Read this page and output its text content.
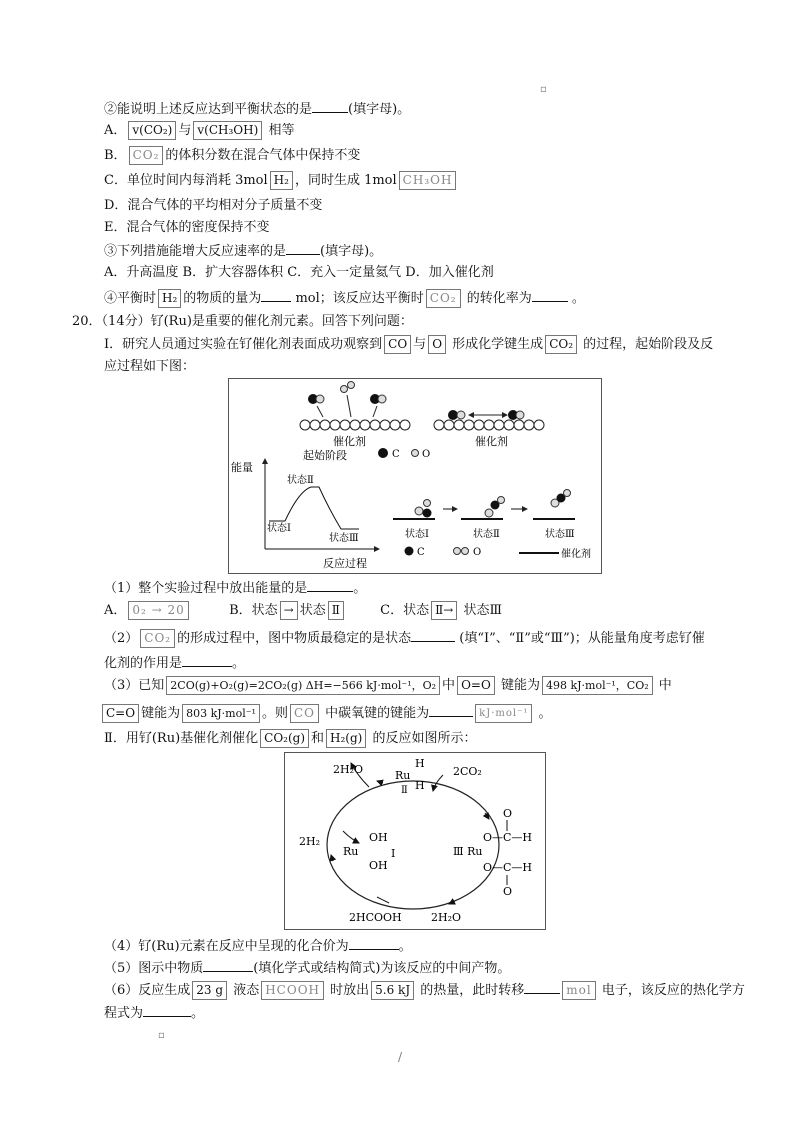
▫
②能说明上述反应达到平衡状态的是	(填字母)。
A． v(CO₂) 与 v(CH₃OH) 相等
B． CO₂ 的体积分数在混合气体中保持不变
C．单位时间内每消耗 3mol H₂ ，同时生成 1mol CH₃OH
D．混合气体的平均相对分子质量不变
E．混合气体的密度保持不变
③下列措施能增大反应速率的是	(填字母)。
A．升高温度 B．扩大容器体积 C．充入一定量氦气 D．加入催化剂
④平衡时 H₂ 的物质的量为	mol；该反应达平衡时 CO₂ 的转化率为	。
20．（14分）钌(Ru)是重要的催化剂元素。回答下列问题：
Ⅰ．研究人员通过实验在钌催化剂表面成功观察到 CO 与 O 形成化学键生成 CO₂ 的过程，起始阶段及反
应过程如下图：
催化剂
起始阶段	C O
催化剂
能量
反应过程
状态Ⅱ
状态Ⅰ
状态Ⅲ	状态Ⅰ	状态Ⅱ	状态Ⅲ
C	O	催化剂
（1）整个实验过程中放出能量的是	。
A． 0₂ → 20	B．状态 → 状态 Ⅱ	C．状态 Ⅱ→ 状态Ⅲ
（2） CO₂ 的形成过程中，图中物质最稳定的是状态	(填“Ⅰ”、“Ⅱ”或“Ⅲ”)；从能量角度考虑钌催
化剂的作用是	。
（3）已知 2CO(g)+O₂(g)=2CO₂(g) ΔH=−566 kJ·mol⁻¹，O₂ 中 O=O 键能为 498 kJ·mol⁻¹，CO₂ 中
C=O 键能为 803 kJ·mol⁻¹ 。则 CO 中碳氧键的键能为	kJ·mol⁻¹ 。
Ⅱ．用钌(Ru)基催化剂催化 CO₂(g) 和 H₂(g) 的反应如图所示：
2H₂O	Ru
H
H
Ⅱ
2CO₂
2H₂
Ru
OH
OH
Ⅰ	Ⅲ Ru
O
O—C—H
O—C—H
O
2HCOOH	2H₂O
（4）钌(Ru)元素在反应中呈现的化合价为	。
（5）图示中物质	(填化学式或结构简式)为该反应的中间产物。
（6）反应生成 23 g 液态 HCOOH 时放出 5.6 kJ 的热量，此时转移	mol 电子，该反应的热化学方
程式为	。
▫
/
